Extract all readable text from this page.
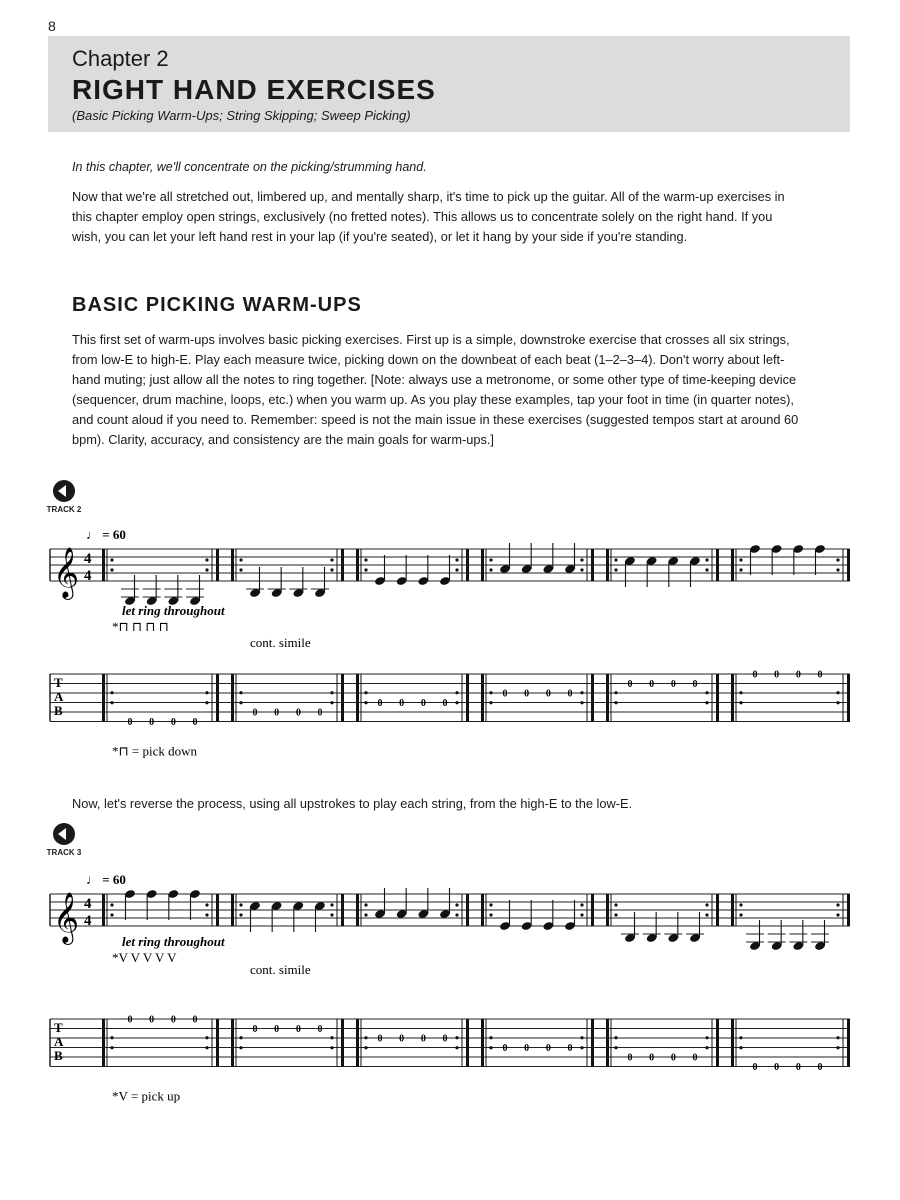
8
Chapter 2
RIGHT HAND EXERCISES
(Basic Picking Warm-Ups; String Skipping; Sweep Picking)
In this chapter, we'll concentrate on the picking/strumming hand.
Now that we're all stretched out, limbered up, and mentally sharp, it's time to pick up the guitar. All of the warm-up exercises in this chapter employ open strings, exclusively (no fretted notes). This allows us to concentrate solely on the right hand. If you wish, you can let your left hand rest in your lap (if you're seated), or let it hang by your side if you're standing.
BASIC PICKING WARM-UPS
This first set of warm-ups involves basic picking exercises. First up is a simple, downstroke exercise that crosses all six strings, from low-E to high-E. Play each measure twice, picking down on the downbeat of each beat (1–2–3–4). Don't worry about left-hand muting; just allow all the notes to ring together. [Note: always use a metronome, or some other type of time-keeping device (sequencer, drum machine, loops, etc.) when you warm up. As you play these examples, tap your foot in time (in quarter notes), and count aloud if you need to. Remember: speed is not the main issue in these exercises (suggested tempos start at around 60 bpm). Clarity, accuracy, and consistency are the main goals for warm-ups.]
TRACK 2
♩ = 60
𝄞 4
4
T
A
B
0 0 0 0
0 0 0 0
0 0 0 0
0 0 0 0
0 0 0 0
0 0 0 0
let ring throughout
*⊓ ⊓ ⊓ ⊓
cont. simile
*⊓ = pick down
Now, let's reverse the process, using all upstrokes to play each string, from the high-E to the low-E.
TRACK 3
♩ = 60
𝄞 4
4
T
A
B
0 0 0 0
0 0 0 0
0 0 0 0
0 0 0 0
0 0 0 0
0 0 0 0
let ring throughout
*V V V V V
cont. simile
*V = pick up
